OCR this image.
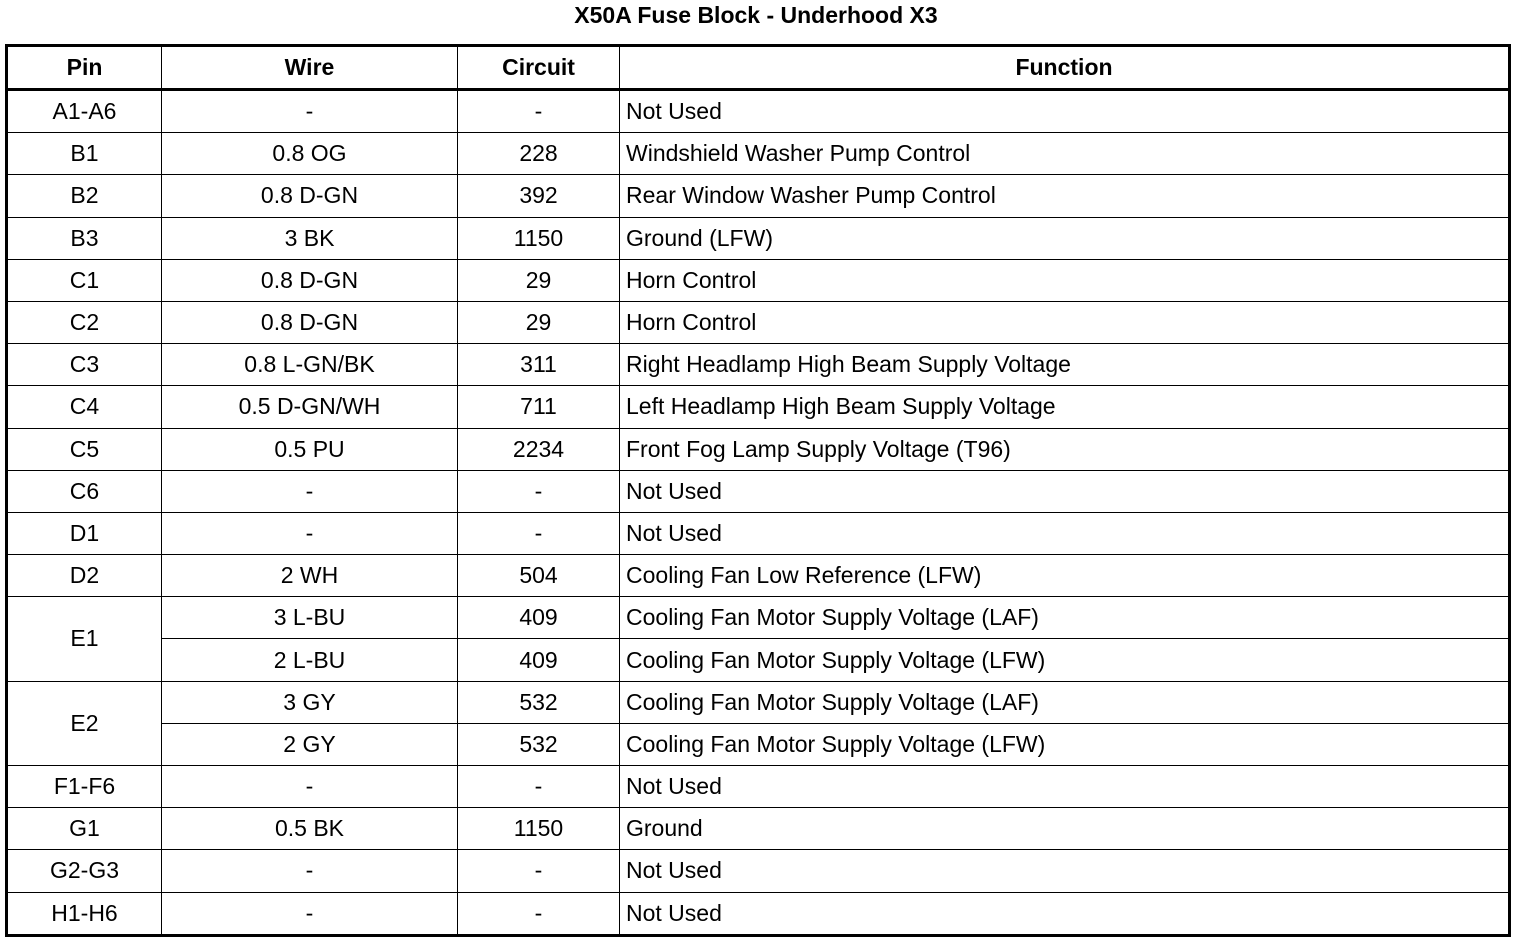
X50A Fuse Block - Underhood X3
Pin	Wire	Circuit	Function
A1-A6	-	-	Not Used
B1	0.8 OG	228	Windshield Washer Pump Control
B2	0.8 D-GN	392	Rear Window Washer Pump Control
B3	3 BK	1150	Ground (LFW)
C1	0.8 D-GN	29	Horn Control
C2	0.8 D-GN	29	Horn Control
C3	0.8 L-GN/BK	311	Right Headlamp High Beam Supply Voltage
C4	0.5 D-GN/WH	711	Left Headlamp High Beam Supply Voltage
C5	0.5 PU	2234	Front Fog Lamp Supply Voltage (T96)
C6	-	-	Not Used
D1	-	-	Not Used
D2	2 WH	504	Cooling Fan Low Reference (LFW)
E1	3 L-BU	409	Cooling Fan Motor Supply Voltage (LAF)
	2 L-BU	409	Cooling Fan Motor Supply Voltage (LFW)
E2	3 GY	532	Cooling Fan Motor Supply Voltage (LAF)
	2 GY	532	Cooling Fan Motor Supply Voltage (LFW)
F1-F6	-	-	Not Used
G1	0.5 BK	1150	Ground
G2-G3	-	-	Not Used
H1-H6	-	-	Not Used
